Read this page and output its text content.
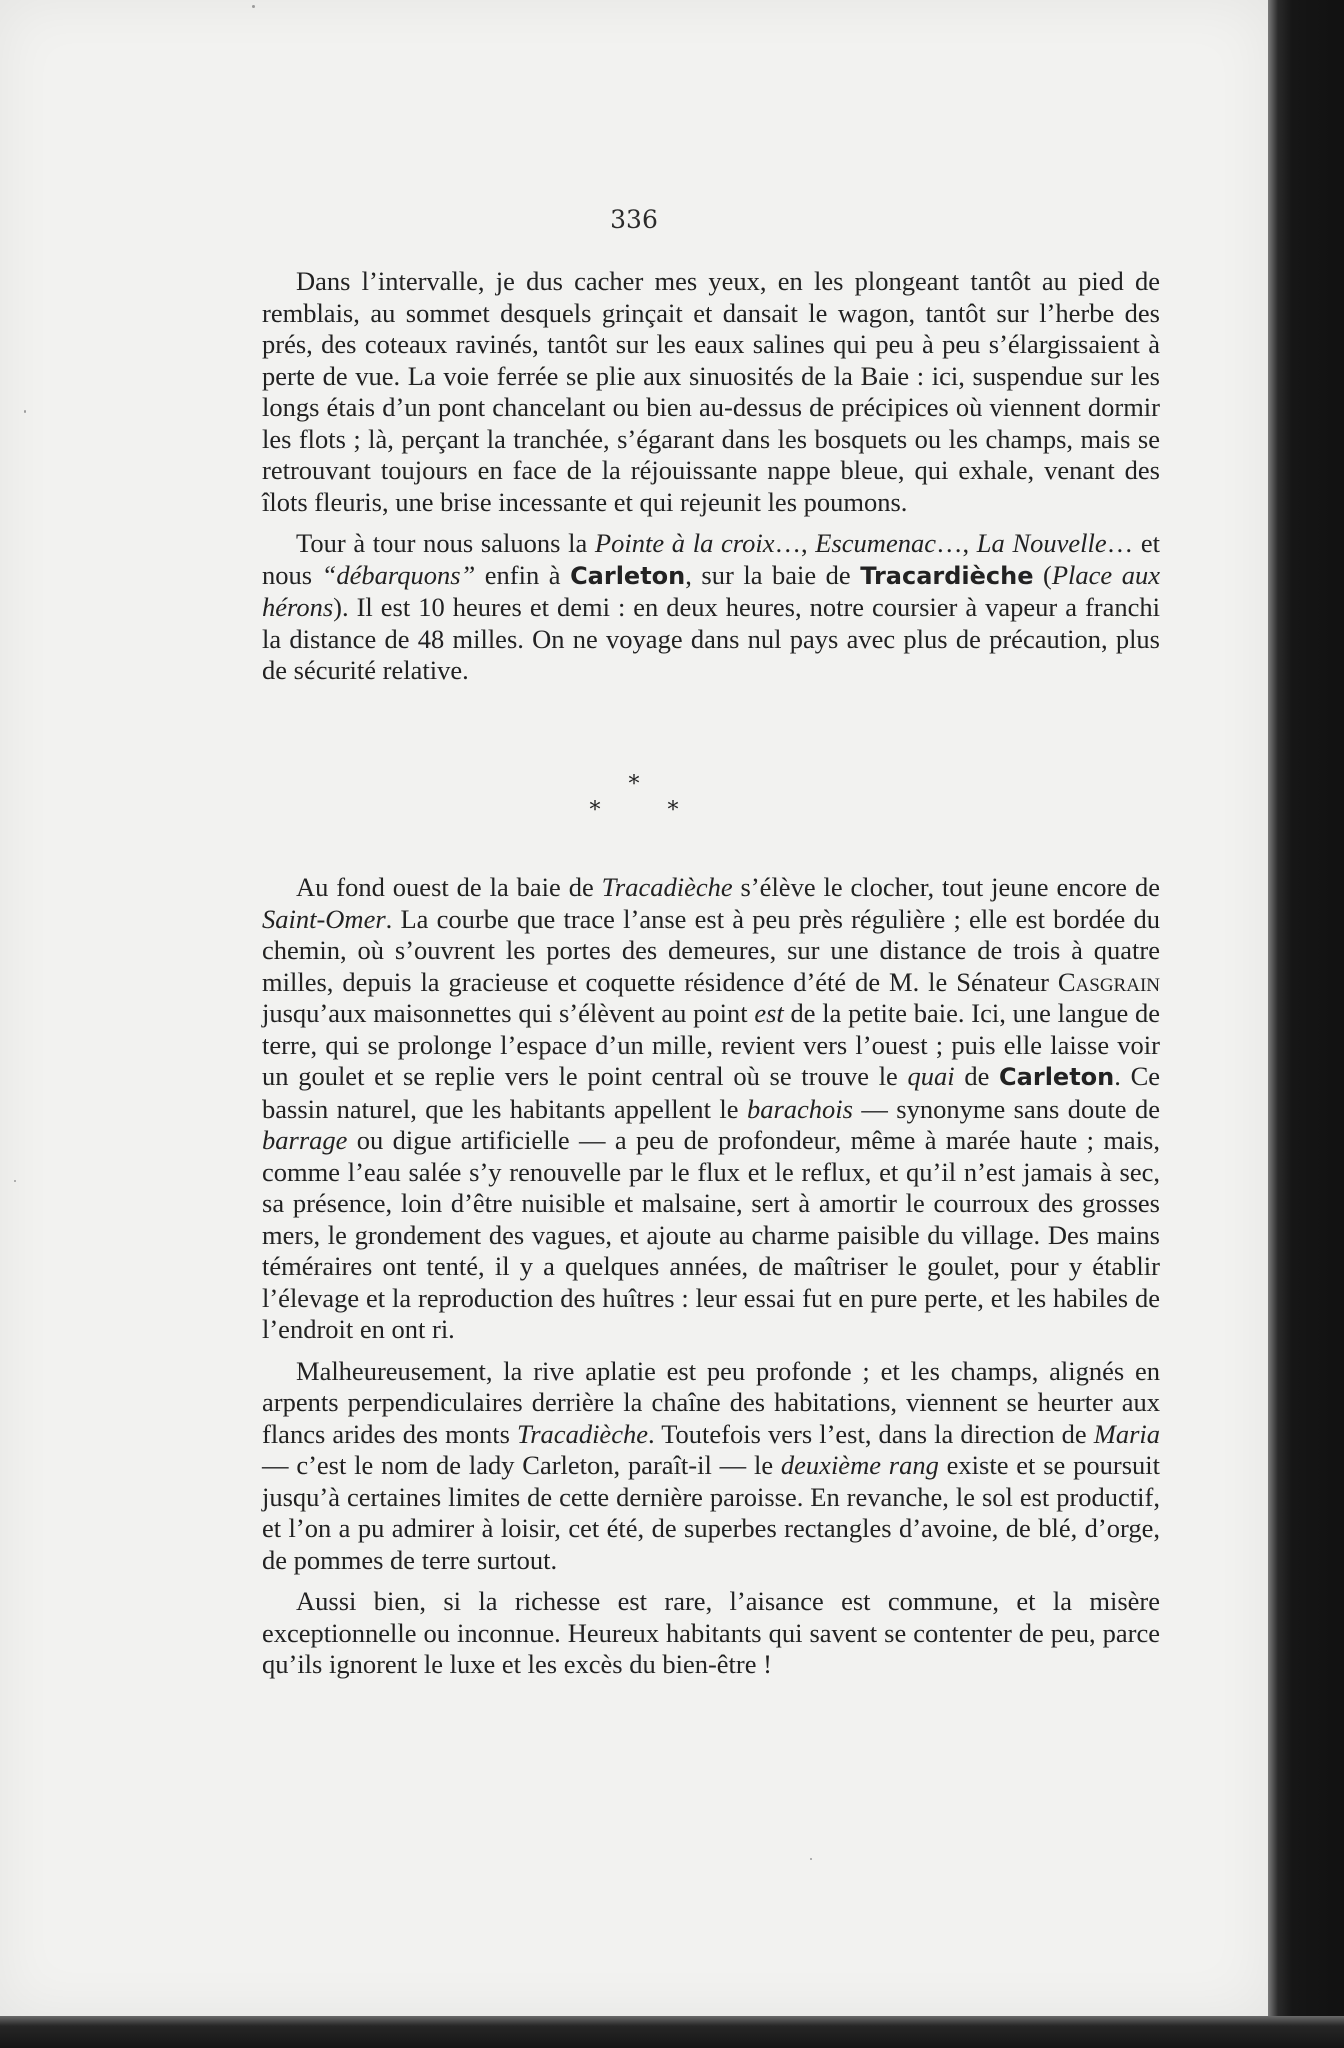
336

Dans l’intervalle, je dus cacher mes yeux, en les plongeant tantôt au pied de remblais, au sommet desquels grinçait et dansait le wagon, tantôt sur l’herbe des prés, des coteaux ravinés, tantôt sur les eaux salines qui peu à peu s’élargissaient à perte de vue. La voie ferrée se plie aux sinuosités de la Baie : ici, suspendue sur les longs étais d’un pont chancelant ou bien au-dessus de précipices où viennent dormir les flots ; là, perçant la tranchée, s’égarant dans les bosquets ou les champs, mais se retrouvant toujours en face de la réjouissante nappe bleue, qui exhale, venant des îlots fleuris, une brise incessante et qui rejeunit les poumons.

Tour à tour nous saluons la Pointe à la croix…, Escumenac…, La Nouvelle… et nous “débarquons” enfin à Carleton, sur la baie de Tracardièche (Place aux hérons). Il est 10 heures et demi : en deux heures, notre coursier à vapeur a franchi la distance de 48 milles. On ne voyage dans nul pays avec plus de précaution, plus de sécurité relative.

*
* *

Au fond ouest de la baie de Tracadièche s’élève le clocher, tout jeune encore de Saint-Omer. La courbe que trace l’anse est à peu près régulière ; elle est bordée du chemin, où s’ouvrent les portes des demeures, sur une distance de trois à quatre milles, depuis la gracieuse et coquette résidence d’été de M. le Sénateur Casgrain jusqu’aux maisonnettes qui s’élèvent au point est de la petite baie. Ici, une langue de terre, qui se prolonge l’espace d’un mille, revient vers l’ouest ; puis elle laisse voir un goulet et se replie vers le point central où se trouve le quai de Carleton. Ce bassin naturel, que les habitants appellent le barachois — synonyme sans doute de barrage ou digue artificielle — a peu de profondeur, même à marée haute ; mais, comme l’eau salée s’y renouvelle par le flux et le reflux, et qu’il n’est jamais à sec, sa présence, loin d’être nuisible et malsaine, sert à amortir le courroux des grosses mers, le grondement des vagues, et ajoute au charme paisible du village. Des mains téméraires ont tenté, il y a quelques années, de maîtriser le goulet, pour y établir l’élevage et la reproduction des huîtres : leur essai fut en pure perte, et les habiles de l’endroit en ont ri.

Malheureusement, la rive aplatie est peu profonde ; et les champs, alignés en arpents perpendiculaires derrière la chaîne des habitations, viennent se heurter aux flancs arides des monts Tracadièche. Toutefois vers l’est, dans la direction de Maria — c’est le nom de lady Carleton, paraît-il — le deuxième rang existe et se poursuit jusqu’à certaines limites de cette dernière paroisse. En revanche, le sol est productif, et l’on a pu admirer à loisir, cet été, de superbes rectangles d’avoine, de blé, d’orge, de pommes de terre surtout.

Aussi bien, si la richesse est rare, l’aisance est commune, et la misère exceptionnelle ou inconnue. Heureux habitants qui savent se contenter de peu, parce qu’ils ignorent le luxe et les excès du bien-être !
